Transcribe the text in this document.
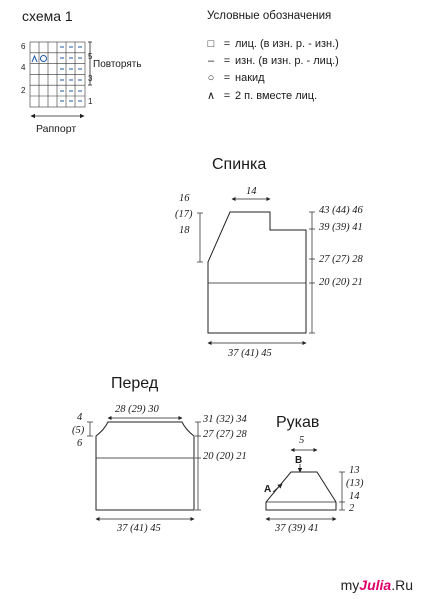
схема 1
6
4
2
5
3
1
Повторять
Раппорт
Условные обозначения
□ = лиц. (в изн. р. - изн.)
– = изн. (в изн. р. - лиц.)
○ = накид
∧ = 2 п. вместе лиц.
Спинка
14
16
(17)
18
43 (44) 46
39 (39) 41
27 (27) 28
20 (20) 21
37 (41) 45
Перед
28 (29) 30
4
(5)
6
31 (32) 34
27 (27) 28
20 (20) 21
37 (41) 45
Рукав
5
В
А
13
(13)
14
2
37 (39) 41
myJulia.Ru
